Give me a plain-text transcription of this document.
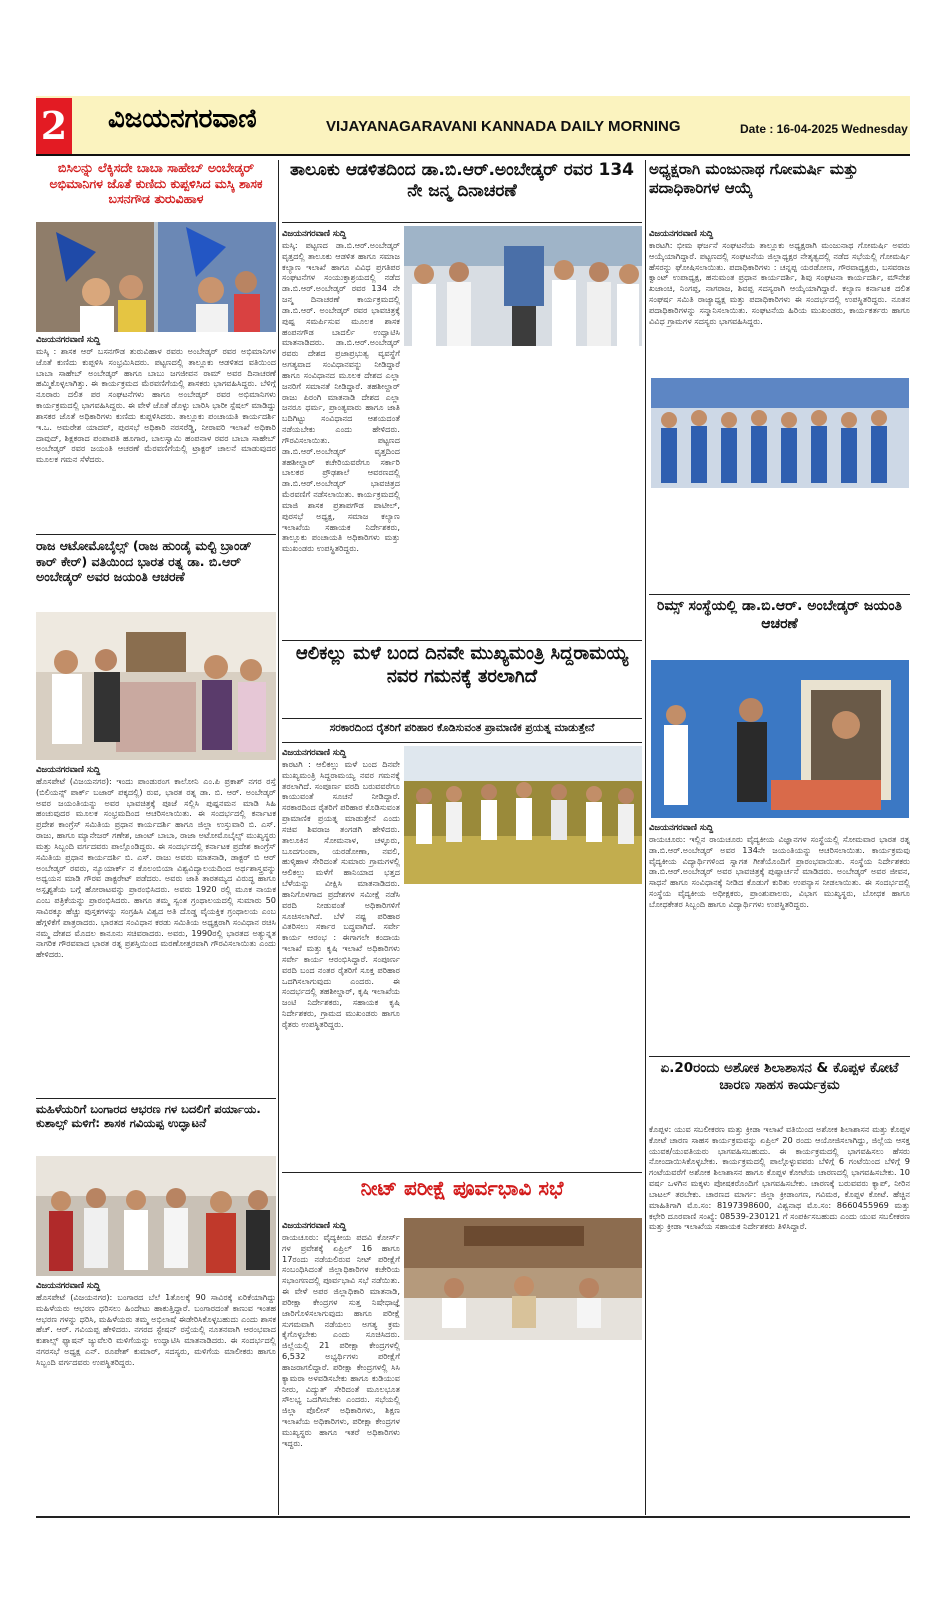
2 ವಿಜಯನಗರವಾಣಿ	VIJAYANAGARAVANI KANNADA DAILY MORNING	Date : 16-04-2025 Wednesday
ಬಿಸಿಲನ್ನು ಲೆಕ್ಕಿಸದೇ ಬಾಬಾ ಸಾಹೇಬ್ ಅಂಬೇಡ್ಕರ್ ಅಭಿಮಾನಿಗಳ ಜೊತೆ ಕುಣಿದು ಕುಪ್ಪಳಿಸಿದ ಮಸ್ಕಿ ಶಾಸಕ ಬಸನಗೌಡ ತುರುವಿಹಾಳ
ವಿಜಯನಗರವಾಣಿ ಸುದ್ದಿ
ಮಸ್ಕಿ : ಶಾಸಕ ಆರ್ ಬಸನಗೌಡ ತುರುವಿಹಾಳ ರವರು ಅಂಬೇಡ್ಕರ್ ರವರ ಅಭಿಮಾನಿಗಳ ಜೊತೆ ಕುಣಿದು ಕುಪ್ಪಳಿಸಿ ಸಂಭ್ರಮಿಸಿದರು. ಪಟ್ಟಣದಲ್ಲಿ ತಾಲ್ಲೂಕು ಆಡಳಿತದ ವತಿಯಿಂದ ಬಾಬಾ ಸಾಹೇಬ್ ಅಂಬೇಡ್ಕರ್ ಹಾಗೂ ಬಾಬು ಜಗಜೀವನ ರಾಮ್ ಅವರ ದಿನಾಚರಣೆ ಹಮ್ಮಿಕೊಳ್ಳಲಾಗಿತ್ತು. ಈ ಕಾರ್ಯಕ್ರಮದ ಮೆರವಣಿಗೆಯಲ್ಲಿ ಶಾಸಕರು ಭಾಗವಹಿಸಿದ್ದರು. ಬೆಳಿಗ್ಗೆ ನೂರಾರು ದಲಿತ ಪರ ಸಂಘಟನೆಗಳು ಹಾಗೂ ಅಂಬೇಡ್ಕರ್ ರವರ ಅಭಿಮಾನಿಗಳು ಕಾರ್ಯಕ್ರಮದಲ್ಲಿ ಭಾಗವಹಿಸಿದ್ದರು. ಈ ವೇಳೆ ಜೊತೆ ಡೊಳ್ಳು ಬಾರಿಸಿ ಭಾರೀ ಸ್ಪೆಷಲ್ ಮಾಡಿದ್ದು ಶಾಸಕರ ಜೊತೆ ಅಧಿಕಾರಿಗಳು ಕುಣಿದು ಕುಪ್ಪಳಿಸಿದರು. ತಾಲ್ಲೂಕು ಪಂಚಾಯತಿ ಕಾರ್ಯದರ್ಶಿ ಇ.ಒ. ಅಮರೇಶ ಯಾದವ್, ಪುರಸಭೆ ಅಧಿಕಾರಿ ನರಸರೆಡ್ಡಿ, ನೀರಾವರಿ ಇಲಾಖೆ ಅಧಿಕಾರಿ ದಾವುದ್, ಶಿಕ್ಷಕರಾದ ಪಂಪಾಪತಿ ಹೂಗಾರ, ಬಾಲಸ್ವಾಮಿ ಹಂಪನಾಳ ರವರ ಬಾಬಾ ಸಾಹೇಬ್ ಅಂಬೇಡ್ಕರ್ ರವರ ಜಯಂತಿ ಆಚರಣೆ ಮೆರವಣಿಗೆಯಲ್ಲಿ ಟ್ರಾಕ್ಟರ್ ಚಾಲನೆ ಮಾಡುವುದರ ಮೂಲಕ ಗಮನ ಸೆಳೆದರು.
ರಾಜ ಆಟೋಮೊಬೈಲ್ಸ್ (ರಾಜ ಹುಂಡೈ ಮಲ್ಟಿ ಬ್ರಾಂಡ್ ಕಾರ್ ಕೇರ್) ವತಿಯಿಂದ ಭಾರತ ರತ್ನ ಡಾ. ಬಿ.ಆರ್ ಅಂಬೇಡ್ಕರ್ ಅವರ ಜಯಂತಿ ಆಚರಣೆ
ವಿಜಯನಗರವಾಣಿ ಸುದ್ದಿ
ಹೊಸಪೇಟೆ (ವಿಜಯನಗರ): ಇಂದು ಪಾಂಡುರಂಗ ಕಾಲೋನಿ ಎಂ.ಪಿ ಪ್ರಕಾಶ್ ನಗರ ರಸ್ತೆ (ಬಿಲಿಯನ್ಸ್ ಪಾರ್ಕ್ ಬಜಾರ್ ಪಕ್ಕದಲ್ಲಿ) ರುವ, ಭಾರತ ರತ್ನ ಡಾ. ಬಿ. ಆರ್. ಅಂಬೇಡ್ಕರ್ ಅವರ ಜಯಂತಿಯನ್ನು ಅವರ ಭಾವಚಿತ್ರಕ್ಕೆ ಪೂಜೆ ಸಲ್ಲಿಸಿ ಪುಷ್ಪನಮನ ಮಾಡಿ ಸಿಹಿ ಹಂಚುವುದರ ಮೂಲಕ ಸಂಭ್ರಮದಿಂದ ಆಚರಿಸಲಾಯಿತು. ಈ ಸಂದರ್ಭದಲ್ಲಿ ಕರ್ನಾಟಕ ಪ್ರದೇಶ ಕಾಂಗ್ರೆಸ್ ಸಮಿತಿಯ ಪ್ರಧಾನ ಕಾರ್ಯದರ್ಶಿ ಹಾಗೂ ಜಿಲ್ಲಾ ಉಸ್ತುವಾರಿ ಬಿ. ಎಸ್. ರಾಜು, ಹಾಗೂ ಮ್ಯಾನೇಜರ್ ಗಣೇಶ, ಜಾಂಟ್ ಬಾಬಾ, ರಾಜಾ ಅಟೋಮೊಬೈಲ್ಸ್ ಮುಖ್ಯಸ್ಥರು ಮತ್ತು ಸಿಬ್ಬಂದಿ ವರ್ಗದವರು ಪಾಲ್ಗೊಂಡಿದ್ದರು. ಈ ಸಂದರ್ಭದಲ್ಲಿ ಕರ್ನಾಟಕ ಪ್ರದೇಶ ಕಾಂಗ್ರೆಸ್ ಸಮಿತಿಯ ಪ್ರಧಾನ ಕಾರ್ಯದರ್ಶಿ ಬಿ. ಎಸ್. ರಾಜು ಅವರು ಮಾತನಾಡಿ, ಡಾಕ್ಟರ್ ಬಿ ಆರ್ ಅಂಬೇಡ್ಕರ್ ರವರು, ನ್ಯೂಯಾರ್ಕ್ ನ ಕೊಲಂಬಿಯಾ ವಿಶ್ವವಿದ್ಯಾಲಯದಿಂದ ಅರ್ಥಶಾಸ್ತ್ರವನ್ನು ಅಧ್ಯಯನ ಮಾಡಿ ಗೌರವ ಡಾಕ್ಟರೇಟ್ ಪಡೆದರು. ಅವರು ಜಾತಿ ತಾರತಮ್ಯದ ವಿರುದ್ಧ ಹಾಗೂ ಅಸ್ಪೃಶ್ಯತೆಯ ಬಗ್ಗೆ ಹೋರಾಟವನ್ನು ಪ್ರಾರಂಭಿಸಿದರು. ಅವರು 1920 ರಲ್ಲಿ ಮೂಕ ನಾಯಕ ಎಂಬ ಪತ್ರಿಕೆಯನ್ನು ಪ್ರಾರಂಭಿಸಿದರು. ಹಾಗೂ ತಮ್ಮ ಸ್ವಂತ ಗ್ರಂಥಾಲಯದಲ್ಲಿ ಸುಮಾರು 50 ಸಾವಿರಕ್ಕೂ ಹೆಚ್ಚು ಪುಸ್ತಕಗಳನ್ನು ಸಂಗ್ರಹಿಸಿ ವಿಶ್ವದ ಅತಿ ದೊಡ್ಡ ವೈಯಕ್ತಿಕ ಗ್ರಂಥಾಲಯ ಎಂಬ ಹೆಗ್ಗಳಿಕೆಗೆ ಪಾತ್ರರಾದರು. ಭಾರತದ ಸಂವಿಧಾನ ಕರಡು ಸಮಿತಿಯ ಅಧ್ಯಕ್ಷರಾಗಿ ಸಂವಿಧಾನ ರಚಿಸಿ ನಮ್ಮ ದೇಶದ ಮೊದಲ ಕಾನೂನು ಸಚಿವರಾದರು. ಅವರು, 1990ರಲ್ಲಿ ಭಾರತದ ಅತ್ಯುನ್ನತ ನಾಗರಿಕ ಗೌರವವಾದ ಭಾರತ ರತ್ನ ಪ್ರಶಸ್ತಿಯಿಂದ ಮರಣೋತ್ತರವಾಗಿ ಗೌರವಿಸಲಾಯಿತು ಎಂದು ಹೇಳಿದರು.
ಮಹಿಳೆಯರಿಗೆ ಬಂಗಾರದ ಆಭರಣ ಗಳ ಬದಲಿಗೆ ಪರ್ಯಾಯ. ಕುಶಾಲ್ಸ್ ಮಳಿಗೆ: ಶಾಸಕ ಗವಿಯಪ್ಪ ಉದ್ಘಾಟನೆ
ವಿಜಯನಗರವಾಣಿ ಸುದ್ದಿ
ಹೊಸಪೇಟೆ (ವಿಜಯನಗರ): ಬಂಗಾರದ ಬೆಲೆ 1ತೊಲಕ್ಕೆ 90 ಸಾವಿರಕ್ಕೆ ಏರಿಕೆಯಾಗಿದ್ದು ಮಹಿಳೆಯರು ಆಭರಣ ಧರಿಸಲು ಹಿಂದೇಟು ಹಾಕುತ್ತಿದ್ದಾರೆ. ಬಂಗಾರದಂತೆ ಕಾಣುವ ಇಂತಹ ಆಭರಣ ಗಳನ್ನು ಧರಿಸಿ, ಮಹಿಳೆಯರು ತಮ್ಮ ಅಭಿಲಾಷೆ ಈಡೇರಿಸಿಕೊಳ್ಳಬಹುದು ಎಂದು ಶಾಸಕ ಹೆಚ್. ಆರ್. ಗವಿಯಪ್ಪ ಹೇಳಿದರು. ನಗರದ ಸ್ಟೇಷನ್ ರಸ್ತೆಯಲ್ಲಿ ನೂತನವಾಗಿ ಆರಂಭವಾದ ಕುಶಾಲ್ಸ್ ಫ್ಯಾಷನ್ ಜ್ಯುವೆಲರಿ ಮಳಿಗೆಯನ್ನು ಉದ್ಘಾಟಿಸಿ ಮಾತನಾಡಿದರು. ಈ ಸಂದರ್ಭದಲ್ಲಿ ನಗರಸಭೆ ಅಧ್ಯಕ್ಷ ಎನ್. ರೂಪೇಶ್ ಕುಮಾರ್, ಸದಸ್ಯರು, ಮಳಿಗೆಯ ಮಾಲೀಕರು ಹಾಗೂ ಸಿಬ್ಬಂದಿ ವರ್ಗದವರು ಉಪಸ್ಥಿತರಿದ್ದರು.
ತಾಲೂಕು ಆಡಳಿತದಿಂದ ಡಾ.ಬಿ.ಆರ್.ಅಂಬೇಡ್ಕರ್ ರವರ 134 ನೇ ಜನ್ಮ ದಿನಾಚರಣೆ
ವಿಜಯನಗರವಾಣಿ ಸುದ್ದಿ
ಮಸ್ಕಿ: ಪಟ್ಟಣದ ಡಾ.ಬಿ.ಆರ್.ಅಂಬೇಡ್ಕರ್ ವೃತ್ತದಲ್ಲಿ ತಾಲೂಕು ಆಡಳಿತ ಹಾಗೂ ಸಮಾಜ ಕಲ್ಯಾಣ ಇಲಾಖೆ ಹಾಗೂ ವಿವಿಧ ಪ್ರಗತಿಪರ ಸಂಘಟನೆಗಳ ಸಂಯುಕ್ತಾಶ್ರಯದಲ್ಲಿ ನಡೆದ ಡಾ.ಬಿ.ಆರ್.ಅಂಬೇಡ್ಕರ್ ರವರ 134 ನೇ ಜನ್ಮ ದಿನಾಚರಣೆ ಕಾರ್ಯಕ್ರಮದಲ್ಲಿ ಡಾ.ಬಿ.ಆರ್. ಅಂಬೇಡ್ಕರ್ ರವರ ಭಾವಚಿತ್ರಕ್ಕೆ ಪುಷ್ಪ ಸಮರ್ಪಿಸುವ ಮೂಲಕ ಶಾಸಕ ಹಂಪನಗೌಡ ಬಾದರ್ಲಿ ಉದ್ಘಾಟಿಸಿ ಮಾತನಾಡಿದರು. ಡಾ.ಬಿ.ಆರ್.ಅಂಬೇಡ್ಕರ್ ರವರು ದೇಶದ ಪ್ರಜಾಪ್ರಭುತ್ವ ವ್ಯವಸ್ಥೆಗೆ ಅಗತ್ಯವಾದ ಸಂವಿಧಾನವನ್ನು ನೀಡಿದ್ದಾರೆ ಹಾಗೂ ಸಂವಿಧಾನದ ಮೂಲಕ ದೇಶದ ಎಲ್ಲಾ ಜನರಿಗೆ ಸಮಾನತೆ ನೀಡಿದ್ದಾರೆ. ತಹಶೀಲ್ದಾರ್ ರಾಜು ಪಿರಂಗಿ ಮಾತನಾಡಿ ದೇಶದ ಎಲ್ಲಾ ಜನರೂ ಧರ್ಮ, ಪ್ರಾಂತ್ಯವಾರು ಹಾಗೂ ಜಾತಿ ಬದಿಗಿಟ್ಟು ಸಂವಿಧಾನದ ಆಶಯದಂತೆ ನಡೆಯಬೇಕು ಎಂದು ಹೇಳಿದರು. ಗೌರವಿಸಲಾಯಿತು. ಪಟ್ಟಣದ ಡಾ.ಬಿ.ಆರ್.ಅಂಬೇಡ್ಕರ್ ವೃತ್ತದಿಂದ ತಹಶೀಲ್ದಾರ್ ಕಚೇರಿಯವರೆಗೂ ಸರ್ಕಾರಿ ಬಾಲಕರ ಪ್ರೌಢಶಾಲೆ ಆವರಣದಲ್ಲಿ ಡಾ.ಬಿ.ಆರ್.ಅಂಬೇಡ್ಕರ್ ಭಾವಚಿತ್ರದ ಮೆರವಣಿಗೆ ನಡೆಸಲಾಯಿತು. ಕಾರ್ಯಕ್ರಮದಲ್ಲಿ ಮಾಜಿ ಶಾಸಕ ಪ್ರತಾಪಗೌಡ ಪಾಟೀಲ್, ಪುರಸಭೆ ಅಧ್ಯಕ್ಷ, ಸಮಾಜ ಕಲ್ಯಾಣ ಇಲಾಖೆಯ ಸಹಾಯಕ ನಿರ್ದೇಶಕರು, ತಾಲ್ಲೂಕು ಪಂಚಾಯತಿ ಅಧಿಕಾರಿಗಳು ಮತ್ತು ಮುಖಂಡರು ಉಪಸ್ಥಿತರಿದ್ದರು.
ಆಲಿಕಲ್ಲು ಮಳೆ ಬಂದ ದಿನವೇ ಮುಖ್ಯಮಂತ್ರಿ ಸಿದ್ದರಾಮಯ್ಯ ನವರ ಗಮನಕ್ಕೆ ತರಲಾಗಿದೆ
ಸರಕಾರದಿಂದ ರೈತರಿಗೆ ಪರಿಹಾರ ಕೊಡಿಸುವಂತ ಪ್ರಾಮಾಣಿಕ ಪ್ರಯತ್ನ ಮಾಡುತ್ತೇನೆ
ವಿಜಯನಗರವಾಣಿ ಸುದ್ದಿ
ಕಾರಟಗಿ : ಆಲಿಕಲ್ಲು ಮಳೆ ಬಂದ ದಿನವೇ ಮುಖ್ಯಮಂತ್ರಿ ಸಿದ್ದರಾಮಯ್ಯ ನವರ ಗಮನಕ್ಕೆ ತರಲಾಗಿದೆ. ಸಂಪೂರ್ಣ ವರದಿ ಬರುವವರೆಗೂ ಕಾಯುವಂತೆ ಸೂಚನೆ ನೀಡಿದ್ದಾರೆ. ಸರಕಾರದಿಂದ ರೈತರಿಗೆ ಪರಿಹಾರ ಕೊಡಿಸುವಂತ ಪ್ರಾಮಾಣಿಕ ಪ್ರಯತ್ನ ಮಾಡುತ್ತೇನೆ ಎಂದು ಸಚಿವ ಶಿವರಾಜ ತಂಗಡಗಿ ಹೇಳಿದರು. ತಾಲೂಕಿನ ಸೋಮನಾಳ, ಚಳ್ಳೂರು, ಬೂದಗುಂಪಾ, ಯರಡೋಣಾ, ನವಲಿ, ಹುಳ್ಕಿಹಾಳ ಸೇರಿದಂತೆ ಸುಮಾರು ಗ್ರಾಮಗಳಲ್ಲಿ ಆಲಿಕಲ್ಲು ಮಳೆಗೆ ಹಾನಿಯಾದ ಭತ್ತದ ಬೆಳೆಯನ್ನು ವೀಕ್ಷಿಸಿ ಮಾತನಾಡಿದರು. ಹಾನಿಗೊಳಗಾದ ಪ್ರದೇಶಗಳ ಸಮೀಕ್ಷೆ ನಡೆಸಿ ವರದಿ ನೀಡುವಂತೆ ಅಧಿಕಾರಿಗಳಿಗೆ ಸೂಚಿಸಲಾಗಿದೆ. ಬೆಳೆ ನಷ್ಟ ಪರಿಹಾರ ವಿತರಿಸಲು ಸರ್ಕಾರ ಬದ್ಧವಾಗಿದೆ. ಸರ್ವೇ ಕಾರ್ಯ ಆರಂಭ : ಈಗಾಗಲೇ ಕಂದಾಯ ಇಲಾಖೆ ಮತ್ತು ಕೃಷಿ ಇಲಾಖೆ ಅಧಿಕಾರಿಗಳು ಸರ್ವೇ ಕಾರ್ಯ ಆರಂಭಿಸಿದ್ದಾರೆ. ಸಂಪೂರ್ಣ ವರದಿ ಬಂದ ನಂತರ ರೈತರಿಗೆ ಸೂಕ್ತ ಪರಿಹಾರ ಒದಗಿಸಲಾಗುವುದು ಎಂದರು. ಈ ಸಂದರ್ಭದಲ್ಲಿ ತಹಶೀಲ್ದಾರ್, ಕೃಷಿ ಇಲಾಖೆಯ ಜಂಟಿ ನಿರ್ದೇಶಕರು, ಸಹಾಯಕ ಕೃಷಿ ನಿರ್ದೇಶಕರು, ಗ್ರಾಮದ ಮುಖಂಡರು ಹಾಗೂ ರೈತರು ಉಪಸ್ಥಿತರಿದ್ದರು.
ನೀಟ್ ಪರೀಕ್ಷೆ ಪೂರ್ವಭಾವಿ ಸಭೆ
ವಿಜಯನಗರವಾಣಿ ಸುದ್ದಿ
ರಾಯಚೂರು: ವೈದ್ಯಕೀಯ ಪದವಿ ಕೋರ್ಸ್ ಗಳ ಪ್ರವೇಶಕ್ಕೆ ಏಪ್ರಿಲ್ 16 ಹಾಗೂ 17ರಂದು ನಡೆಯಲಿರುವ ನೀಟ್ ಪರೀಕ್ಷೆಗೆ ಸಂಬಂಧಿಸಿದಂತೆ ಜಿಲ್ಲಾಧಿಕಾರಿಗಳ ಕಚೇರಿಯ ಸಭಾಂಗಣದಲ್ಲಿ ಪೂರ್ವಭಾವಿ ಸಭೆ ನಡೆಯಿತು. ಈ ವೇಳೆ ಅಪರ ಜಿಲ್ಲಾಧಿಕಾರಿ ಮಾತನಾಡಿ, ಪರೀಕ್ಷಾ ಕೇಂದ್ರಗಳ ಸುತ್ತ ನಿಷೇಧಾಜ್ಞೆ ಜಾರಿಗೊಳಿಸಲಾಗುವುದು ಹಾಗೂ ಪರೀಕ್ಷೆ ಸುಗಮವಾಗಿ ನಡೆಯಲು ಅಗತ್ಯ ಕ್ರಮ ಕೈಗೊಳ್ಳಬೇಕು ಎಂದು ಸೂಚಿಸಿದರು. ಜಿಲ್ಲೆಯಲ್ಲಿ 21 ಪರೀಕ್ಷಾ ಕೇಂದ್ರಗಳಲ್ಲಿ 6,532 ಅಭ್ಯರ್ಥಿಗಳು ಪರೀಕ್ಷೆಗೆ ಹಾಜರಾಗಲಿದ್ದಾರೆ. ಪರೀಕ್ಷಾ ಕೇಂದ್ರಗಳಲ್ಲಿ ಸಿಸಿ ಕ್ಯಾಮರಾ ಅಳವಡಿಸಬೇಕು ಹಾಗೂ ಕುಡಿಯುವ ನೀರು, ವಿದ್ಯುತ್ ಸೇರಿದಂತೆ ಮೂಲಭೂತ ಸೌಲಭ್ಯ ಒದಗಿಸಬೇಕು ಎಂದರು. ಸಭೆಯಲ್ಲಿ ಜಿಲ್ಲಾ ಪೊಲೀಸ್ ಅಧಿಕಾರಿಗಳು, ಶಿಕ್ಷಣ ಇಲಾಖೆಯ ಅಧಿಕಾರಿಗಳು, ಪರೀಕ್ಷಾ ಕೇಂದ್ರಗಳ ಮುಖ್ಯಸ್ಥರು ಹಾಗೂ ಇತರೆ ಅಧಿಕಾರಿಗಳು ಇದ್ದರು.
ಅಧ್ಯಕ್ಷರಾಗಿ ಮಂಜುನಾಥ ಗೋಮರ್ಷಿ ಮತ್ತು ಪದಾಧಿಕಾರಿಗಳ ಆಯ್ಕೆ
ವಿಜಯನಗರವಾಣಿ ಸುದ್ದಿ
ಕಾರಟಗಿ: ಭೀಮ ಘರ್ಜನೆ ಸಂಘಟನೆಯ ತಾಲ್ಲೂಕು ಅಧ್ಯಕ್ಷರಾಗಿ ಮಂಜುನಾಥ ಗೋಮರ್ಷಿ ಅವರು ಆಯ್ಕೆಯಾಗಿದ್ದಾರೆ. ಪಟ್ಟಣದಲ್ಲಿ ಸಂಘಟನೆಯ ಜಿಲ್ಲಾಧ್ಯಕ್ಷರ ನೇತೃತ್ವದಲ್ಲಿ ನಡೆದ ಸಭೆಯಲ್ಲಿ ಗೋಮರ್ಷಿ ಹೆಸರನ್ನು ಘೋಷಿಸಲಾಯಿತು. ಪದಾಧಿಕಾರಿಗಳು : ಚನ್ನಪ್ಪ ಯರಡೋಣ, ಗೌರವಾಧ್ಯಕ್ಷರು, ಬಸವರಾಜ ಕ್ವಾಂಟ್ ಉಪಾಧ್ಯಕ್ಷ, ಹನುಮಂತ ಪ್ರಧಾನ ಕಾರ್ಯದರ್ಶಿ, ಶಿವು ಸಂಘಟನಾ ಕಾರ್ಯದರ್ಶಿ, ಮೌನೇಶ ಖಜಾಂಚಿ, ನಿಂಗಪ್ಪ, ನಾಗರಾಜ, ಶಿವಪ್ಪ ಸದಸ್ಯರಾಗಿ ಆಯ್ಕೆಯಾಗಿದ್ದಾರೆ. ಕಲ್ಯಾಣ ಕರ್ನಾಟಕ ದಲಿತ ಸಂಘರ್ಷ ಸಮಿತಿ ರಾಜ್ಯಾಧ್ಯಕ್ಷ ಮತ್ತು ಪದಾಧಿಕಾರಿಗಳು ಈ ಸಂದರ್ಭದಲ್ಲಿ ಉಪಸ್ಥಿತರಿದ್ದರು. ನೂತನ ಪದಾಧಿಕಾರಿಗಳನ್ನು ಸನ್ಮಾನಿಸಲಾಯಿತು. ಸಂಘಟನೆಯ ಹಿರಿಯ ಮುಖಂಡರು, ಕಾರ್ಯಕರ್ತರು ಹಾಗೂ ವಿವಿಧ ಗ್ರಾಮಗಳ ಸದಸ್ಯರು ಭಾಗವಹಿಸಿದ್ದರು.
ರಿಮ್ಸ್ ಸಂಸ್ಥೆಯಲ್ಲಿ ಡಾ.ಬಿ.ಆರ್. ಅಂಬೇಡ್ಕರ್ ಜಯಂತಿ ಆಚರಣೆ
ವಿಜಯನಗರವಾಣಿ ಸುದ್ದಿ
ರಾಯಚೂರು: ಇಲ್ಲಿನ ರಾಯಚೂರು ವೈದ್ಯಕೀಯ ವಿಜ್ಞಾನಗಳ ಸಂಸ್ಥೆಯಲ್ಲಿ ಸೋಮವಾರ ಭಾರತ ರತ್ನ ಡಾ.ಬಿ.ಆರ್.ಅಂಬೇಡ್ಕರ್ ಅವರ 134ನೇ ಜಯಂತಿಯನ್ನು ಆಚರಿಸಲಾಯಿತು. ಕಾರ್ಯಕ್ರಮವು ವೈದ್ಯಕೀಯ ವಿದ್ಯಾರ್ಥಿಗಳಿಂದ ಸ್ವಾಗತ ಗೀತೆಯೊಂದಿಗೆ ಪ್ರಾರಂಭವಾಯಿತು. ಸಂಸ್ಥೆಯ ನಿರ್ದೇಶಕರು ಡಾ.ಬಿ.ಆರ್.ಅಂಬೇಡ್ಕರ್ ಅವರ ಭಾವಚಿತ್ರಕ್ಕೆ ಪುಷ್ಪಾರ್ಚನೆ ಮಾಡಿದರು. ಅಂಬೇಡ್ಕರ್ ಅವರ ಜೀವನ, ಸಾಧನೆ ಹಾಗೂ ಸಂವಿಧಾನಕ್ಕೆ ನೀಡಿದ ಕೊಡುಗೆ ಕುರಿತು ಉಪನ್ಯಾಸ ನೀಡಲಾಯಿತು. ಈ ಸಂದರ್ಭದಲ್ಲಿ ಸಂಸ್ಥೆಯ ವೈದ್ಯಕೀಯ ಅಧೀಕ್ಷಕರು, ಪ್ರಾಂಶುಪಾಲರು, ವಿಭಾಗ ಮುಖ್ಯಸ್ಥರು, ಬೋಧಕ ಹಾಗೂ ಬೋಧಕೇತರ ಸಿಬ್ಬಂದಿ ಹಾಗೂ ವಿದ್ಯಾರ್ಥಿಗಳು ಉಪಸ್ಥಿತರಿದ್ದರು.
ಏ.20ರಂದು ಅಶೋಕ ಶಿಲಾಶಾಸನ & ಕೊಪ್ಪಳ ಕೋಟೆ ಚಾರಣ ಸಾಹಸ ಕಾರ್ಯಕ್ರಮ
ಕೊಪ್ಪಳ: ಯುವ ಸಬಲೀಕರಣ ಮತ್ತು ಕ್ರೀಡಾ ಇಲಾಖೆ ವತಿಯಿಂದ ಅಶೋಕ ಶಿಲಾಶಾಸನ ಮತ್ತು ಕೊಪ್ಪಳ ಕೋಟೆ ಚಾರಣ ಸಾಹಸ ಕಾರ್ಯಕ್ರಮವನ್ನು ಏಪ್ರಿಲ್ 20 ರಂದು ಆಯೋಜಿಸಲಾಗಿದ್ದು, ಜಿಲ್ಲೆಯ ಆಸಕ್ತ ಯುವಕ/ಯುವತಿಯರು ಭಾಗವಹಿಸಬಹುದು. ಈ ಕಾರ್ಯಕ್ರಮದಲ್ಲಿ ಭಾಗವಹಿಸಲು ಹೆಸರು ನೋಂದಾಯಿಸಿಕೊಳ್ಳಬೇಕು. ಕಾರ್ಯಕ್ರಮದಲ್ಲಿ ಪಾಲ್ಗೊಳ್ಳುವವರು ಬೆಳಿಗ್ಗೆ 6 ಗಂಟೆಯಿಂದ ಬೆಳಿಗ್ಗೆ 9 ಗಂಟೆಯವರೆಗೆ ಅಶೋಕ ಶಿಲಾಶಾಸನ ಹಾಗೂ ಕೊಪ್ಪಳ ಕೋಟೆಯ ಚಾರಣದಲ್ಲಿ ಭಾಗವಹಿಸಬೇಕು. 10 ವರ್ಷ ಒಳಗಿನ ಮಕ್ಕಳು ಪೋಷಕರೊಂದಿಗೆ ಭಾಗವಹಿಸಬೇಕು. ಚಾರಣಕ್ಕೆ ಬರುವವರು ಕ್ಯಾಪ್, ನೀರಿನ ಬಾಟಲ್ ತರಬೇಕು. ಚಾರಣದ ಮಾರ್ಗ: ಜಿಲ್ಲಾ ಕ್ರೀಡಾಂಗಣ, ಗವಿಮಠ, ಕೊಪ್ಪಳ ಕೋಟೆ. ಹೆಚ್ಚಿನ ಮಾಹಿತಿಗಾಗಿ ಮೊ.ಸಂ: 8197398600, ವಿಶ್ವನಾಥ ಮೊ.ಸಂ: 8660455969 ಮತ್ತು ಕಛೇರಿ ದೂರವಾಣಿ ಸಂಖ್ಯೆ: 08539-230121 ಗೆ ಸಂಪರ್ಕಿಸಬಹುದು ಎಂದು ಯುವ ಸಬಲೀಕರಣ ಮತ್ತು ಕ್ರೀಡಾ ಇಲಾಖೆಯ ಸಹಾಯಕ ನಿರ್ದೇಶಕರು ತಿಳಿಸಿದ್ದಾರೆ.
